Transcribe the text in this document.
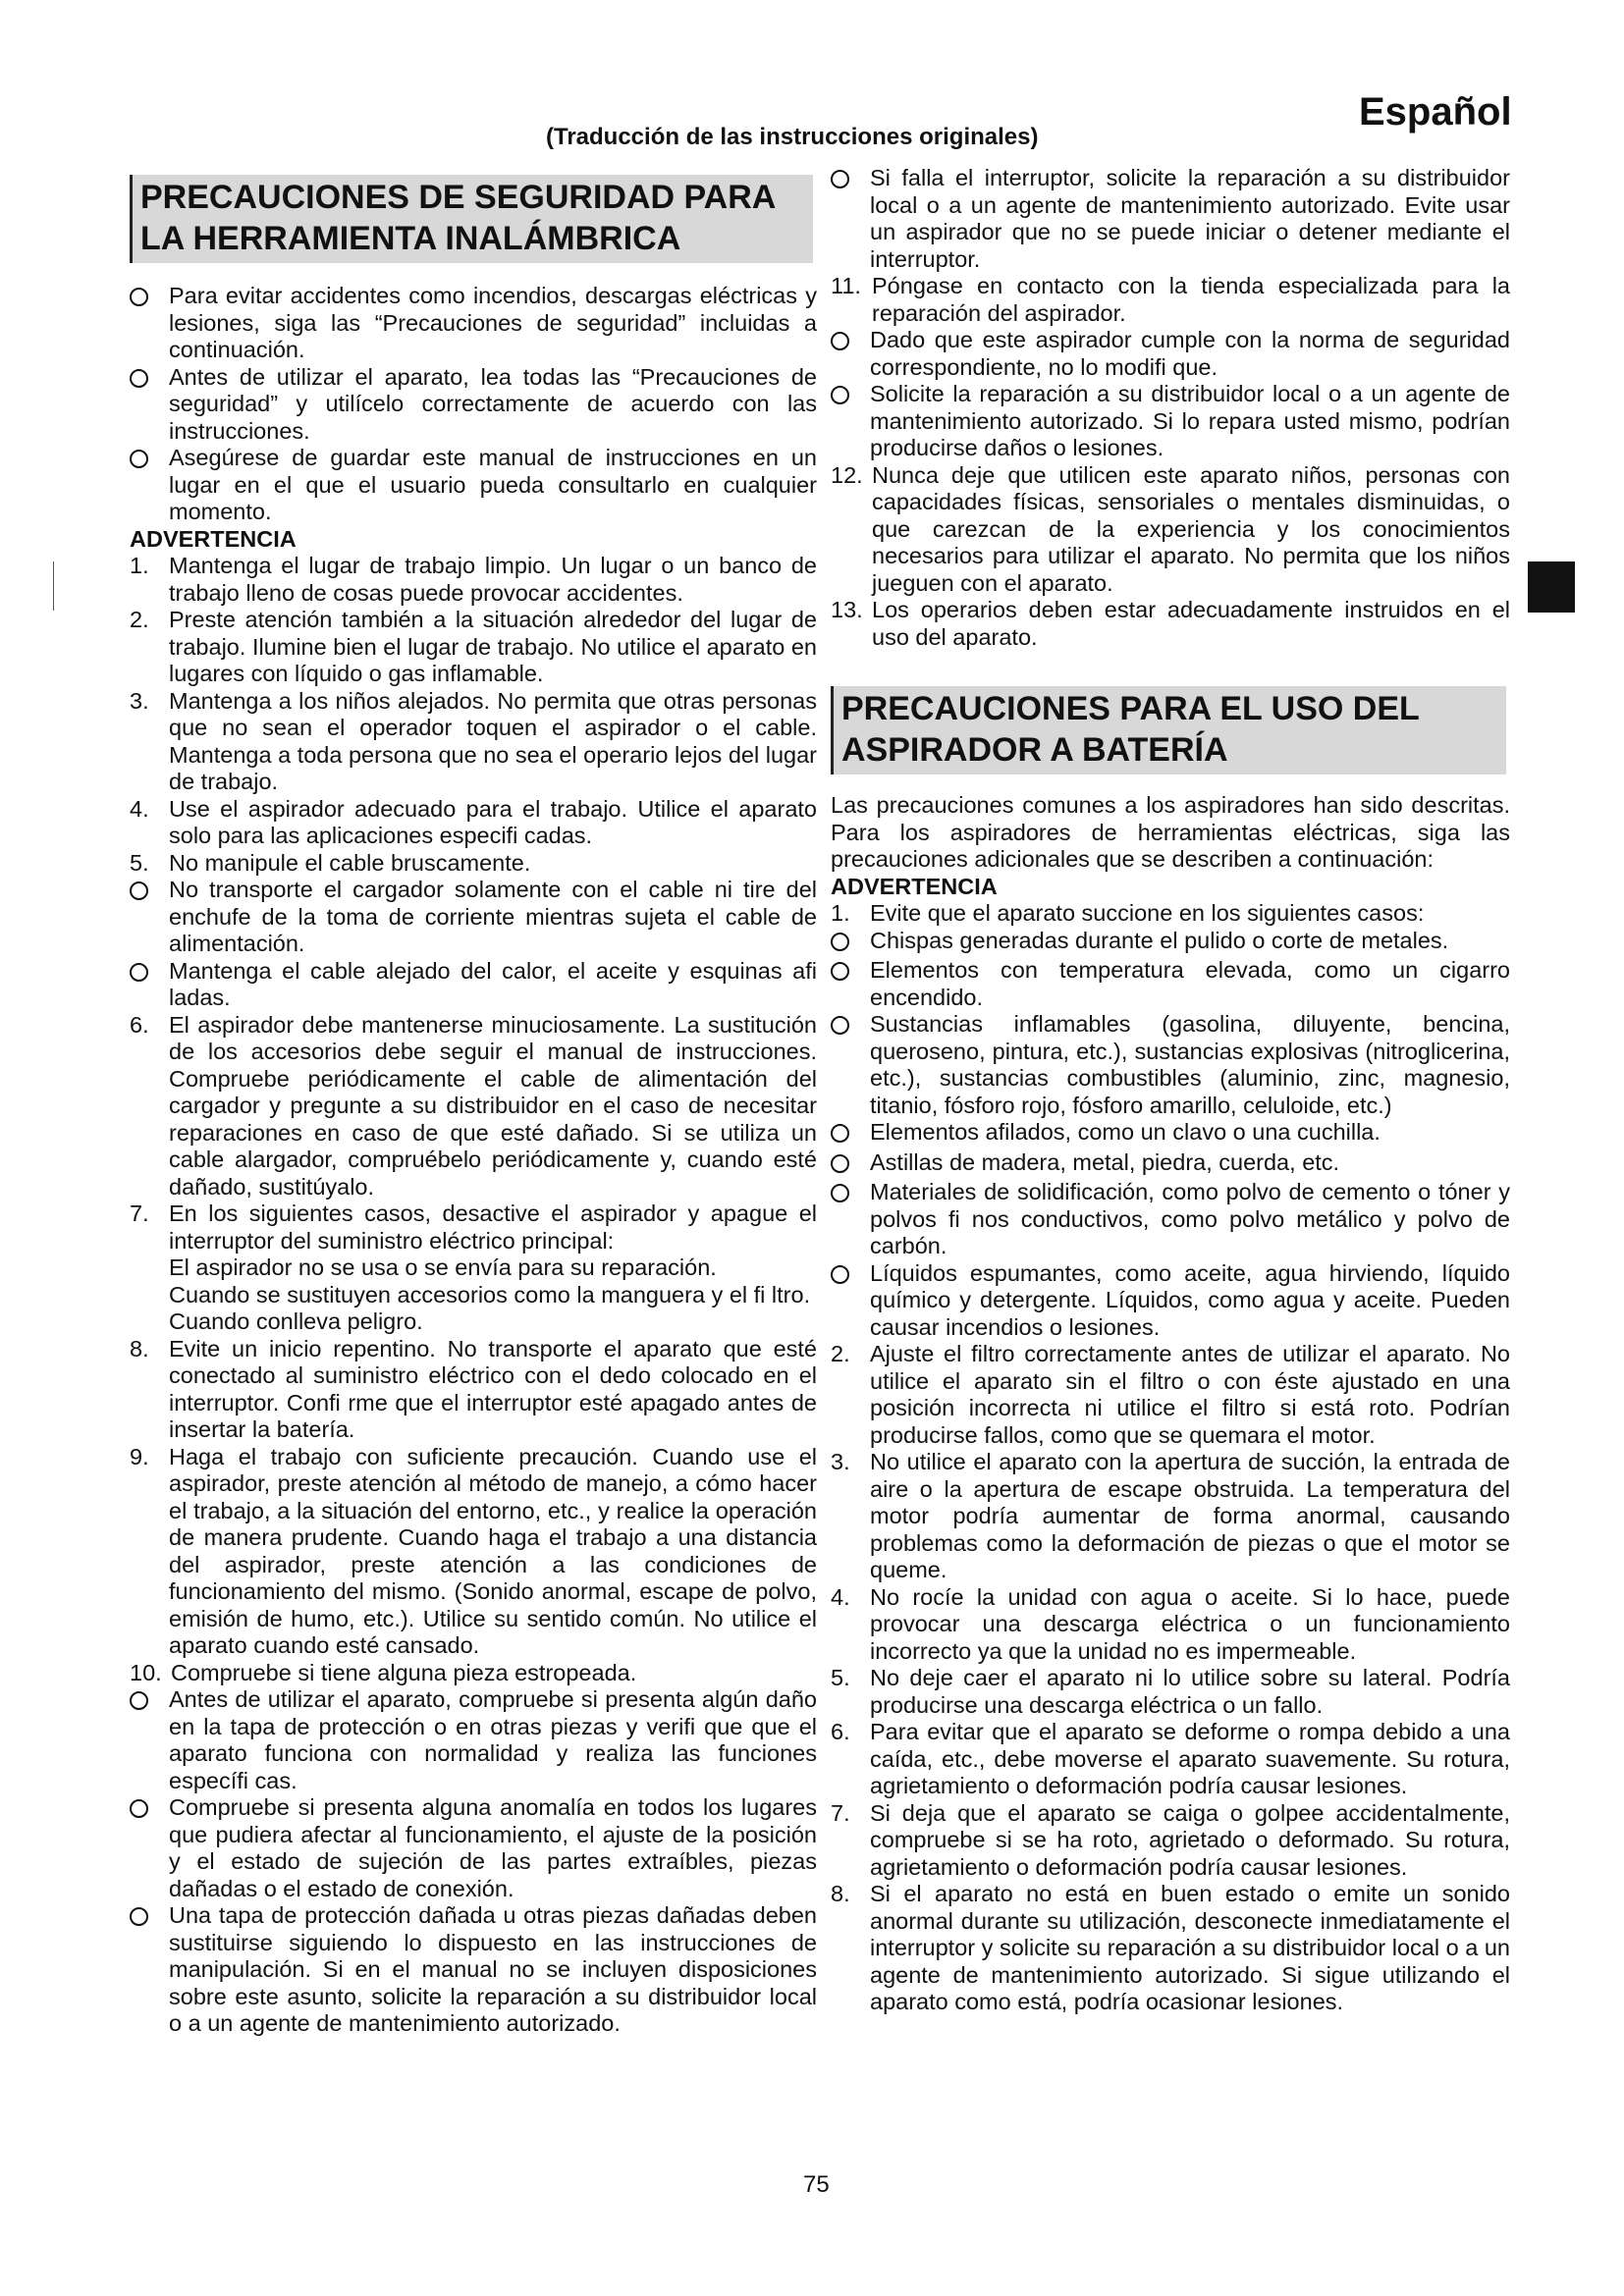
Español

(Traducción de las instrucciones originales)

PRECAUCIONES DE SEGURIDAD PARA LA HERRAMIENTA INALÁMBRICA
Para evitar accidentes como incendios, descargas eléctricas y lesiones, siga las “Precauciones de seguridad” incluidas a continuación.
Antes de utilizar el aparato, lea todas las “Precauciones de seguridad” y utilícelo correctamente de acuerdo con las instrucciones.
Asegúrese de guardar este manual de instrucciones en un lugar en el que el usuario pueda consultarlo en cualquier momento.

ADVERTENCIA

1. Mantenga el lugar de trabajo limpio. Un lugar o un banco de trabajo lleno de cosas puede provocar accidentes.
2. Preste atención también a la situación alrededor del lugar de trabajo. Ilumine bien el lugar de trabajo. No utilice el aparato en lugares con líquido o gas inflamable.
3. Mantenga a los niños alejados. No permita que otras personas que no sean el operador toquen el aspirador o el cable. Mantenga a toda persona que no sea el operario lejos del lugar de trabajo.
4. Use el aspirador adecuado para el trabajo. Utilice el aparato solo para las aplicaciones especifi cadas.
5. No manipule el cable bruscamente.
No transporte el cargador solamente con el cable ni tire del enchufe de la toma de corriente mientras sujeta el cable de alimentación.
Mantenga el cable alejado del calor, el aceite y esquinas afi ladas.
6. El aspirador debe mantenerse minuciosamente. La sustitución de los accesorios debe seguir el manual de instrucciones. Compruebe periódicamente el cable de alimentación del cargador y pregunte a su distribuidor en el caso de necesitar reparaciones en caso de que esté dañado. Si se utiliza un cable alargador, compruébelo periódicamente y, cuando esté dañado, sustitúyalo.
7. En los siguientes casos, desactive el aspirador y apague el interruptor del suministro eléctrico principal:
El aspirador no se usa o se envía para su reparación.
Cuando se sustituyen accesorios como la manguera y el fi ltro.
Cuando conlleva peligro.
8. Evite un inicio repentino. No transporte el aparato que esté conectado al suministro eléctrico con el dedo colocado en el interruptor. Confi rme que el interruptor esté apagado antes de insertar la batería.
9. Haga el trabajo con suficiente precaución. Cuando use el aspirador, preste atención al método de manejo, a cómo hacer el trabajo, a la situación del entorno, etc., y realice la operación de manera prudente. Cuando haga el trabajo a una distancia del aspirador, preste atención a las condiciones de funcionamiento del mismo. (Sonido anormal, escape de polvo, emisión de humo, etc.). Utilice su sentido común. No utilice el aparato cuando esté cansado.
10. Compruebe si tiene alguna pieza estropeada.
Antes de utilizar el aparato, compruebe si presenta algún daño en la tapa de protección o en otras piezas y verifi que que el aparato funciona con normalidad y realiza las funciones específi cas.
Compruebe si presenta alguna anomalía en todos los lugares que pudiera afectar al funcionamiento, el ajuste de la posición y el estado de sujeción de las partes extraíbles, piezas dañadas o el estado de conexión.
Una tapa de protección dañada u otras piezas dañadas deben sustituirse siguiendo lo dispuesto en las instrucciones de manipulación. Si en el manual no se incluyen disposiciones sobre este asunto, solicite la reparación a su distribuidor local o a un agente de mantenimiento autorizado.
Si falla el interruptor, solicite la reparación a su distribuidor local o a un agente de mantenimiento autorizado. Evite usar un aspirador que no se puede iniciar o detener mediante el interruptor.
11. Póngase en contacto con la tienda especializada para la reparación del aspirador.
Dado que este aspirador cumple con la norma de seguridad correspondiente, no lo modifi que.
Solicite la reparación a su distribuidor local o a un agente de mantenimiento autorizado. Si lo repara usted mismo, podrían producirse daños o lesiones.
12. Nunca deje que utilicen este aparato niños, personas con capacidades físicas, sensoriales o mentales disminuidas, o que carezcan de la experiencia y los conocimientos necesarios para utilizar el aparato. No permita que los niños jueguen con el aparato.
13. Los operarios deben estar adecuadamente instruidos en el uso del aparato.
PRECAUCIONES PARA EL USO DEL ASPIRADOR A BATERÍA

Las precauciones comunes a los aspiradores han sido descritas. Para los aspiradores de herramientas eléctricas, siga las precauciones adicionales que se describen a continuación:

ADVERTENCIA

1. Evite que el aparato succione en los siguientes casos:
Chispas generadas durante el pulido o corte de metales.
Elementos con temperatura elevada, como un cigarro encendido.
Sustancias inflamables (gasolina, diluyente, bencina, queroseno, pintura, etc.), sustancias explosivas (nitroglicerina, etc.), sustancias combustibles (aluminio, zinc, magnesio, titanio, fósforo rojo, fósforo amarillo, celuloide, etc.)
Elementos afilados, como un clavo o una cuchilla.
Astillas de madera, metal, piedra, cuerda, etc.
Materiales de solidificación, como polvo de cemento o tóner y polvos fi nos conductivos, como polvo metálico y polvo de carbón.
Líquidos espumantes, como aceite, agua hirviendo, líquido químico y detergente. Líquidos, como agua y aceite. Pueden causar incendios o lesiones.
2. Ajuste el filtro correctamente antes de utilizar el aparato. No utilice el aparato sin el filtro o con éste ajustado en una posición incorrecta ni utilice el filtro si está roto. Podrían producirse fallos, como que se quemara el motor.
3. No utilice el aparato con la apertura de succión, la entrada de aire o la apertura de escape obstruida. La temperatura del motor podría aumentar de forma anormal, causando problemas como la deformación de piezas o que el motor se queme.
4. No rocíe la unidad con agua o aceite. Si lo hace, puede provocar una descarga eléctrica o un funcionamiento incorrecto ya que la unidad no es impermeable.
5. No deje caer el aparato ni lo utilice sobre su lateral. Podría producirse una descarga eléctrica o un fallo.
6. Para evitar que el aparato se deforme o rompa debido a una caída, etc., debe moverse el aparato suavemente. Su rotura, agrietamiento o deformación podría causar lesiones.
7. Si deja que el aparato se caiga o golpee accidentalmente, compruebe si se ha roto, agrietado o deformado. Su rotura, agrietamiento o deformación podría causar lesiones.
8. Si el aparato no está en buen estado o emite un sonido anormal durante su utilización, desconecte inmediatamente el interruptor y solicite su reparación a su distribuidor local o a un agente de mantenimiento autorizado. Si sigue utilizando el aparato como está, podría ocasionar lesiones.

75
